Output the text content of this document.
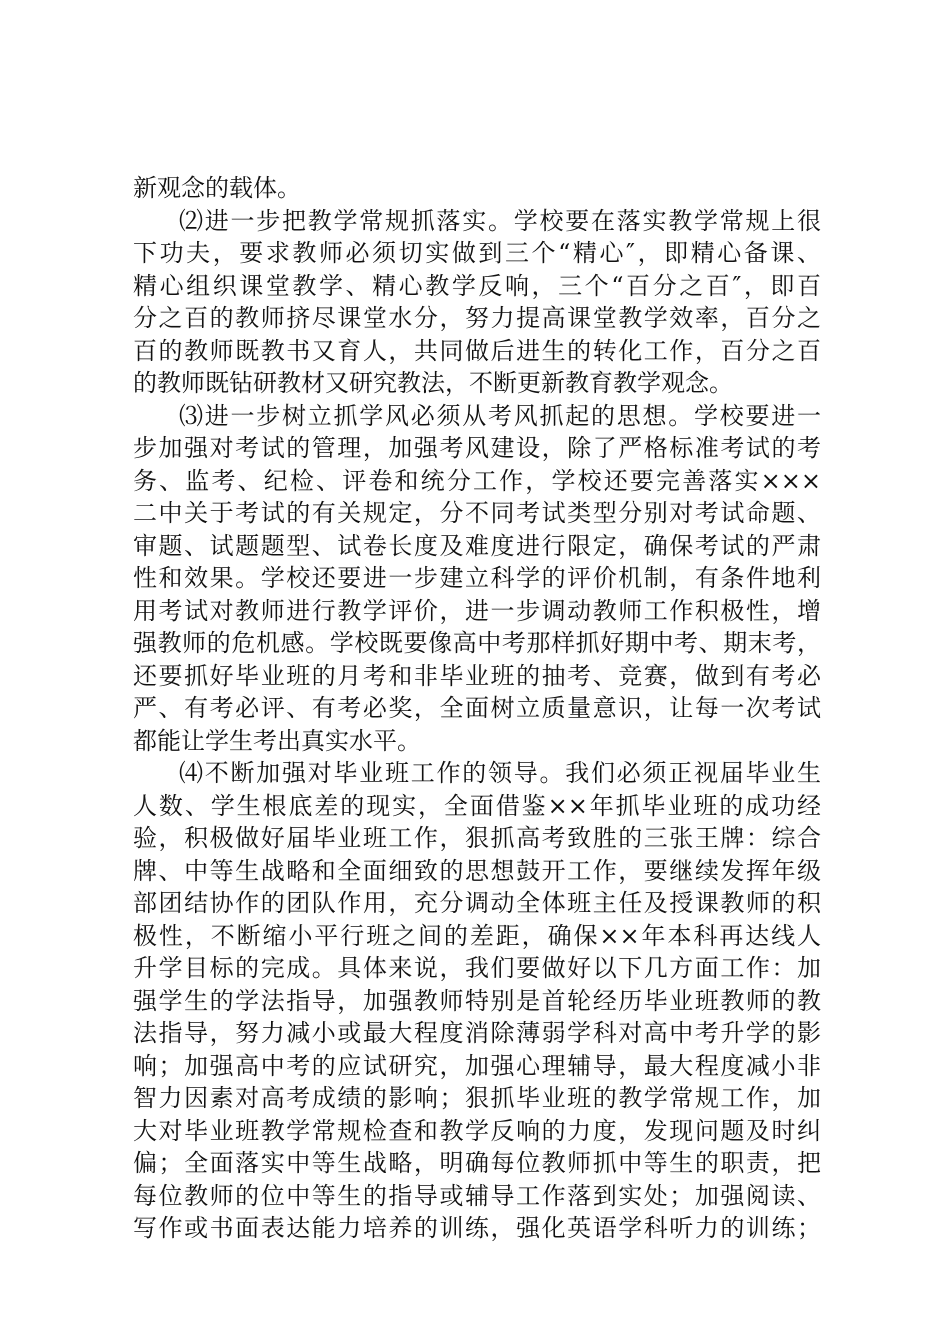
新观念的载体。
⑵进一步把教学常规抓落实。学校要在落实教学常规上很
下功夫，要求教师必须切实做到三个“精心″，即精心备课、
精心组织课堂教学、精心教学反响，三个“百分之百″，即百
分之百的教师挤尽课堂水分，努力提高课堂教学效率，百分之
百的教师既教书又育人，共同做后进生的转化工作，百分之百
的教师既钻研教材又研究教法，不断更新教育教学观念。
⑶进一步树立抓学风必须从考风抓起的思想。学校要进一
步加强对考试的管理，加强考风建设，除了严格标准考试的考
务、监考、纪检、评卷和统分工作，学校还要完善落实×××
二中关于考试的有关规定，分不同考试类型分别对考试命题、
审题、试题题型、试卷长度及难度进行限定，确保考试的严肃
性和效果。学校还要进一步建立科学的评价机制，有条件地利
用考试对教师进行教学评价，进一步调动教师工作积极性，增
强教师的危机感。学校既要像高中考那样抓好期中考、期末考，
还要抓好毕业班的月考和非毕业班的抽考、竞赛，做到有考必
严、有考必评、有考必奖，全面树立质量意识，让每一次考试
都能让学生考出真实水平。
⑷不断加强对毕业班工作的领导。我们必须正视届毕业生
人数、学生根底差的现实，全面借鉴××年抓毕业班的成功经
验，积极做好届毕业班工作，狠抓高考致胜的三张王牌：综合
牌、中等生战略和全面细致的思想鼓开工作，要继续发挥年级
部团结协作的团队作用，充分调动全体班主任及授课教师的积
极性，不断缩小平行班之间的差距，确保××年本科再达线人
升学目标的完成。具体来说，我们要做好以下几方面工作：加
强学生的学法指导，加强教师特别是首轮经历毕业班教师的教
法指导，努力减小或最大程度消除薄弱学科对高中考升学的影
响；加强高中考的应试研究，加强心理辅导，最大程度减小非
智力因素对高考成绩的影响；狠抓毕业班的教学常规工作，加
大对毕业班教学常规检查和教学反响的力度，发现问题及时纠
偏；全面落实中等生战略，明确每位教师抓中等生的职责，把
每位教师的位中等生的指导或辅导工作落到实处；加强阅读、
写作或书面表达能力培养的训练，强化英语学科听力的训练；
